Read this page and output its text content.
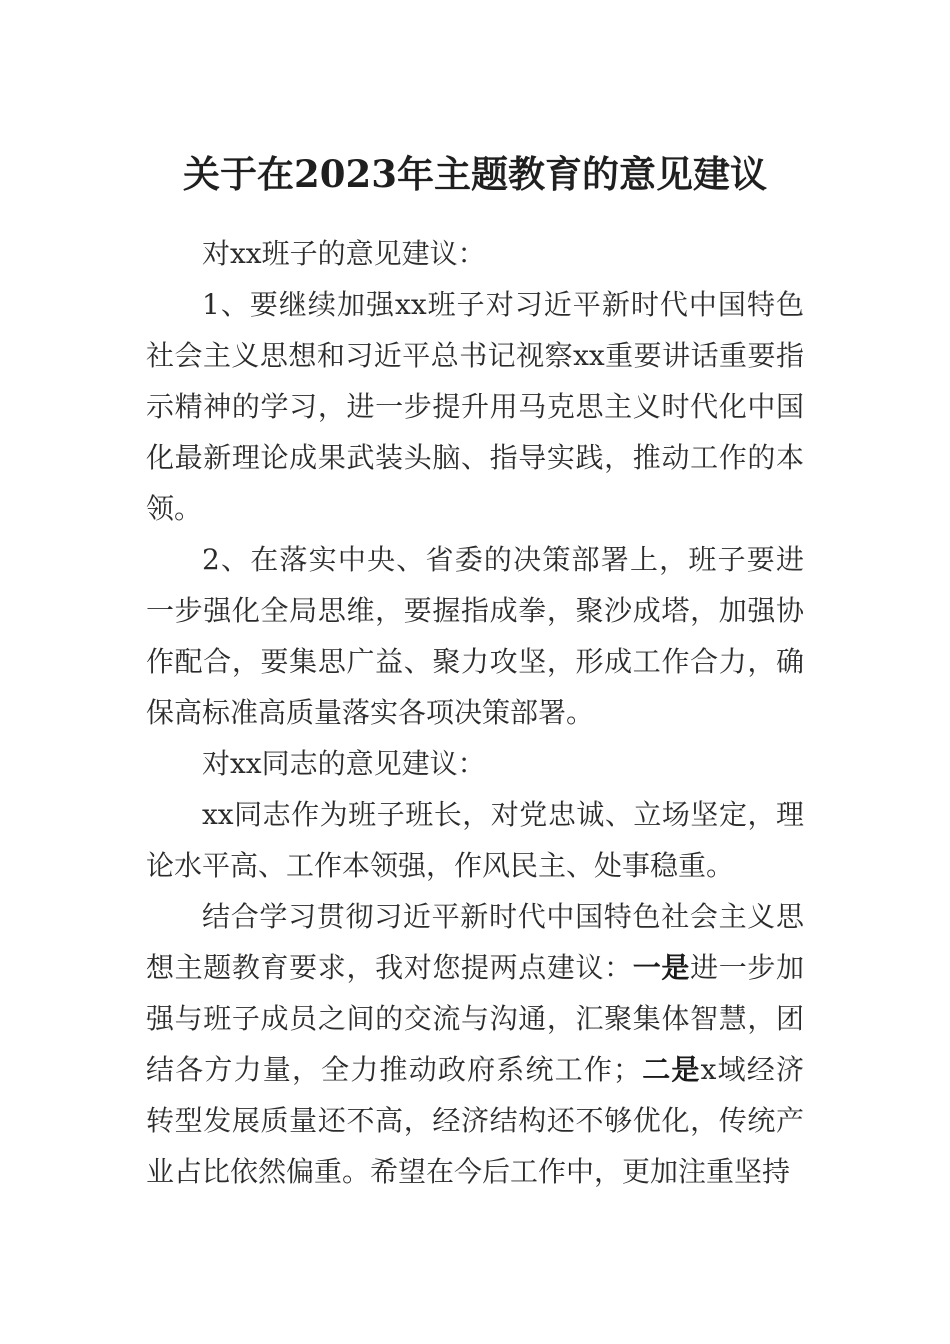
关于在2023年主题教育的意见建议

对xx班子的意见建议：

1、要继续加强xx班子对习近平新时代中国特色社会主义思想和习近平总书记视察xx重要讲话重要指示精神的学习，进一步提升用马克思主义时代化中国化最新理论成果武装头脑、指导实践，推动工作的本领。

2、在落实中央、省委的决策部署上，班子要进一步强化全局思维，要握指成拳，聚沙成塔，加强协作配合，要集思广益、聚力攻坚，形成工作合力，确保高标准高质量落实各项决策部署。

对xx同志的意见建议：

xx同志作为班子班长，对党忠诚、立场坚定，理论水平高、工作本领强，作风民主、处事稳重。

结合学习贯彻习近平新时代中国特色社会主义思想主题教育要求，我对您提两点建议：一是进一步加强与班子成员之间的交流与沟通，汇聚集体智慧，团结各方力量，全力推动政府系统工作；二是x域经济转型发展质量还不高，经济结构还不够优化，传统产业占比依然偏重。希望在今后工作中，更加注重坚持
